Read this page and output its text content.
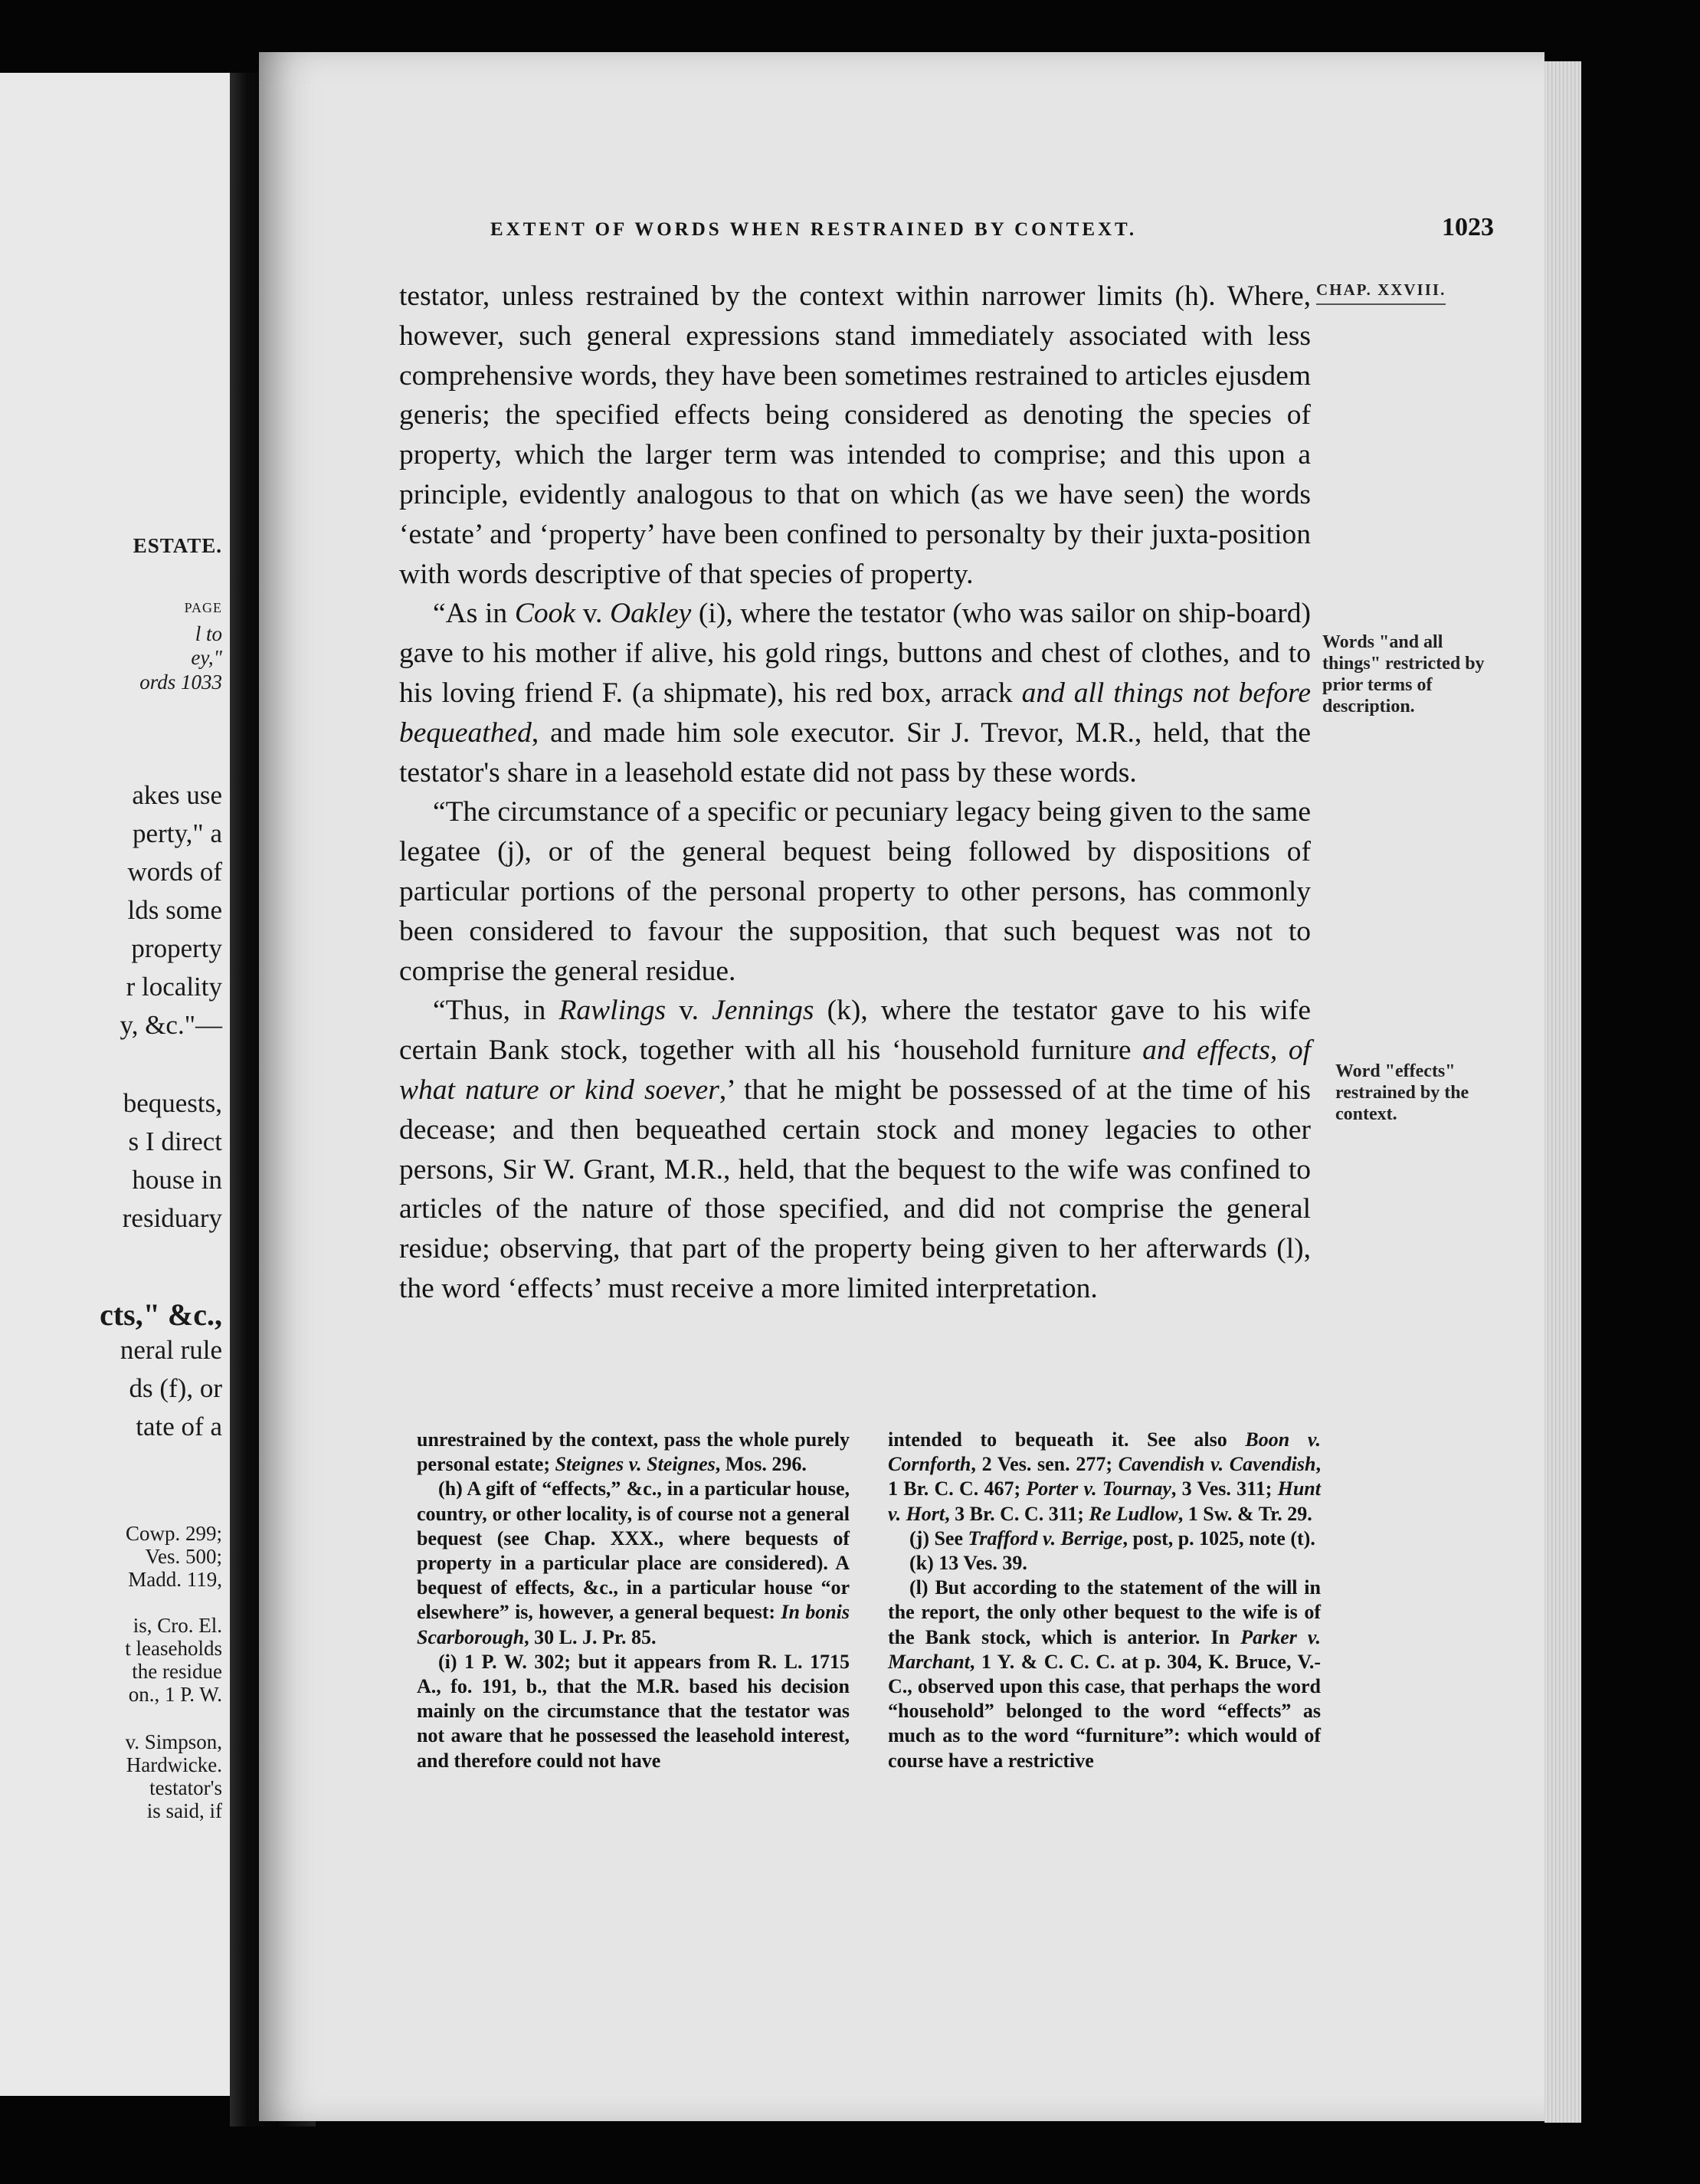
ESTATE.
PAGE
l to
ey,"
ords 1033
akes use
perty," a
words of
lds some
property
r locality
y, &c."—
bequests,
s I direct
house in
residuary
cts," &c.,
neral rule
ds (f), or
tate of a
Cowp. 299;
Ves. 500;
Madd. 119,
is, Cro. El.
t leaseholds
the residue
on., 1 P. W.
v. Simpson,
Hardwicke.
testator's
is said, if
EXTENT OF WORDS WHEN RESTRAINED BY CONTEXT.	1023
CHAP. XXVIII.
Words "and all things" restricted by prior terms of description.
Word "effects" restrained by the context.

testator, unless restrained by the context within narrower limits (h). Where, however, such general expressions stand immediately associated with less comprehensive words, they have been sometimes restrained to articles ejusdem generis; the specified effects being considered as denoting the species of property, which the larger term was intended to comprise; and this upon a principle, evidently analogous to that on which (as we have seen) the words ‘estate’ and ‘property’ have been confined to personalty by their juxta-position with words descriptive of that species of property.

“As in Cook v. Oakley (i), where the testator (who was sailor on ship-board) gave to his mother if alive, his gold rings, buttons and chest of clothes, and to his loving friend F. (a shipmate), his red box, arrack and all things not before bequeathed, and made him sole executor. Sir J. Trevor, M.R., held, that the testator's share in a leasehold estate did not pass by these words.

“The circumstance of a specific or pecuniary legacy being given to the same legatee (j), or of the general bequest being followed by dispositions of particular portions of the personal property to other persons, has commonly been considered to favour the supposition, that such bequest was not to comprise the general residue.

“Thus, in Rawlings v. Jennings (k), where the testator gave to his wife certain Bank stock, together with all his ‘household furniture and effects, of what nature or kind soever,’ that he might be possessed of at the time of his decease; and then bequeathed certain stock and money legacies to other persons, Sir W. Grant, M.R., held, that the bequest to the wife was confined to articles of the nature of those specified, and did not comprise the general residue; observing, that part of the property being given to her afterwards (l), the word ‘effects’ must receive a more limited interpretation.

unrestrained by the context, pass the whole purely personal estate; Steignes v. Steignes, Mos. 296.

(h) A gift of “effects,” &c., in a particular house, country, or other locality, is of course not a general bequest (see Chap. XXX., where bequests of property in a particular place are considered). A bequest of effects, &c., in a particular house “or elsewhere” is, however, a general bequest: In bonis Scarborough, 30 L. J. Pr. 85.

(i) 1 P. W. 302; but it appears from R. L. 1715 A., fo. 191, b., that the M.R. based his decision mainly on the circumstance that the testator was not aware that he possessed the leasehold interest, and therefore could not have

intended to bequeath it. See also Boon v. Cornforth, 2 Ves. sen. 277; Cavendish v. Cavendish, 1 Br. C. C. 467; Porter v. Tournay, 3 Ves. 311; Hunt v. Hort, 3 Br. C. C. 311; Re Ludlow, 1 Sw. & Tr. 29.

(j) See Trafford v. Berrige, post, p. 1025, note (t).

(k) 13 Ves. 39.

(l) But according to the statement of the will in the report, the only other bequest to the wife is of the Bank stock, which is anterior. In Parker v. Marchant, 1 Y. & C. C. C. at p. 304, K. Bruce, V.-C., observed upon this case, that perhaps the word “household” belonged to the word “effects” as much as to the word “furniture”: which would of course have a restrictive
